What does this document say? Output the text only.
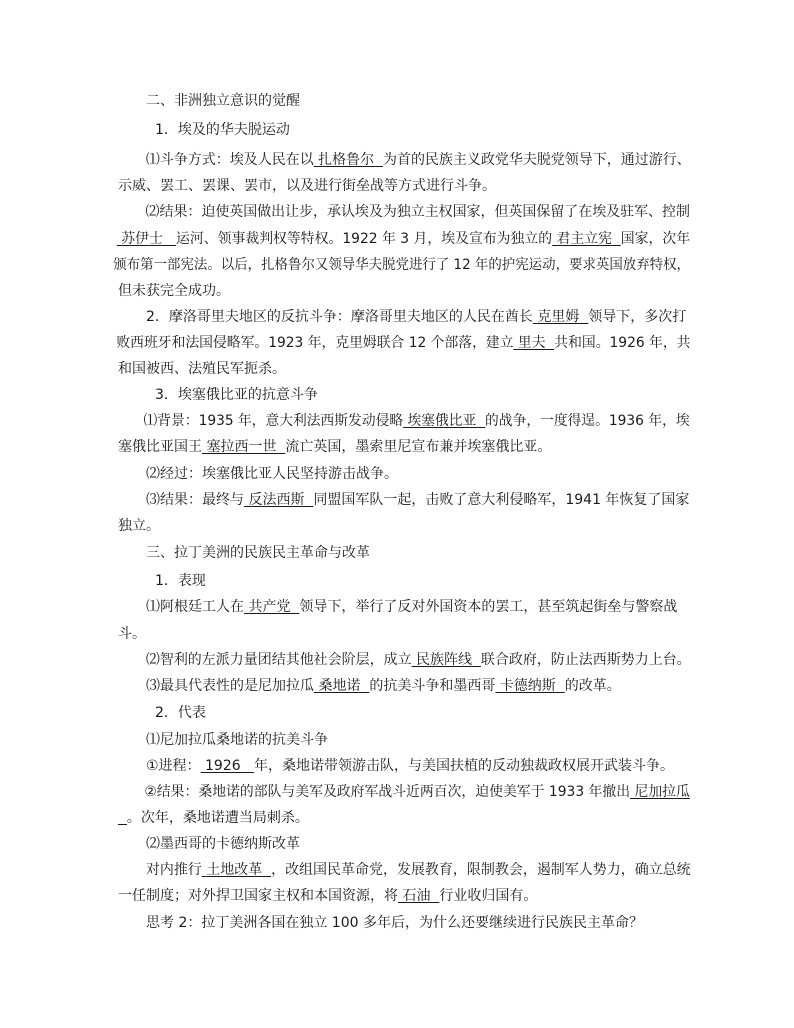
二、非洲独立意识的觉醒
1．埃及的华夫脱运动
⑴斗争方式：埃及人民在以 扎格鲁尔 为首的民族主义政党华夫脱党领导下，通过游行、
示威、罢工、罢课、罢市，以及进行街垒战等方式进行斗争。
⑵结果：迫使英国做出让步，承认埃及为独立主权国家，但英国保留了在埃及驻军、控制
苏伊士 运河、领事裁判权等特权。1922 年 3 月，埃及宣布为独立的 君主立宪 国家，次年
颁布第一部宪法。以后，扎格鲁尔又领导华夫脱党进行了 12 年的护宪运动，要求英国放弃特权，
但未获完全成功。
2．摩洛哥里夫地区的反抗斗争：摩洛哥里夫地区的人民在酋长 克里姆 领导下，多次打
败西班牙和法国侵略军。1923 年，克里姆联合 12 个部落，建立 里夫 共和国。1926 年，共
和国被西、法殖民军扼杀。
3．埃塞俄比亚的抗意斗争
⑴背景：1935 年，意大利法西斯发动侵略 埃塞俄比亚 的战争，一度得逞。1936 年，埃
塞俄比亚国王 塞拉西一世 流亡英国，墨索里尼宣布兼并埃塞俄比亚。
⑵经过：埃塞俄比亚人民坚持游击战争。
⑶结果：最终与 反法西斯 同盟国军队一起，击败了意大利侵略军，1941 年恢复了国家
独立。
三、拉丁美洲的民族民主革命与改革
1．表现
⑴阿根廷工人在 共产党 领导下，举行了反对外国资本的罢工，甚至筑起街垒与警察战
斗。
⑵智利的左派力量团结其他社会阶层，成立 民族阵线 联合政府，防止法西斯势力上台。
⑶最具代表性的是尼加拉瓜 桑地诺 的抗美斗争和墨西哥 卡德纳斯 的改革。
2．代表
⑴尼加拉瓜桑地诺的抗美斗争
①进程： 1926 年，桑地诺带领游击队，与美国扶植的反动独裁政权展开武装斗争。
②结果：桑地诺的部队与美军及政府军战斗近两百次，迫使美军于 1933 年撤出 尼加拉瓜
。次年，桑地诺遭当局刺杀。
⑵墨西哥的卡德纳斯改革
对内推行 土地改革 ，改组国民革命党，发展教育，限制教会，遏制军人势力，确立总统
一任制度；对外捍卫国家主权和本国资源，将 石油 行业收归国有。
思考 2：拉丁美洲各国在独立 100 多年后，为什么还要继续进行民族民主革命？
